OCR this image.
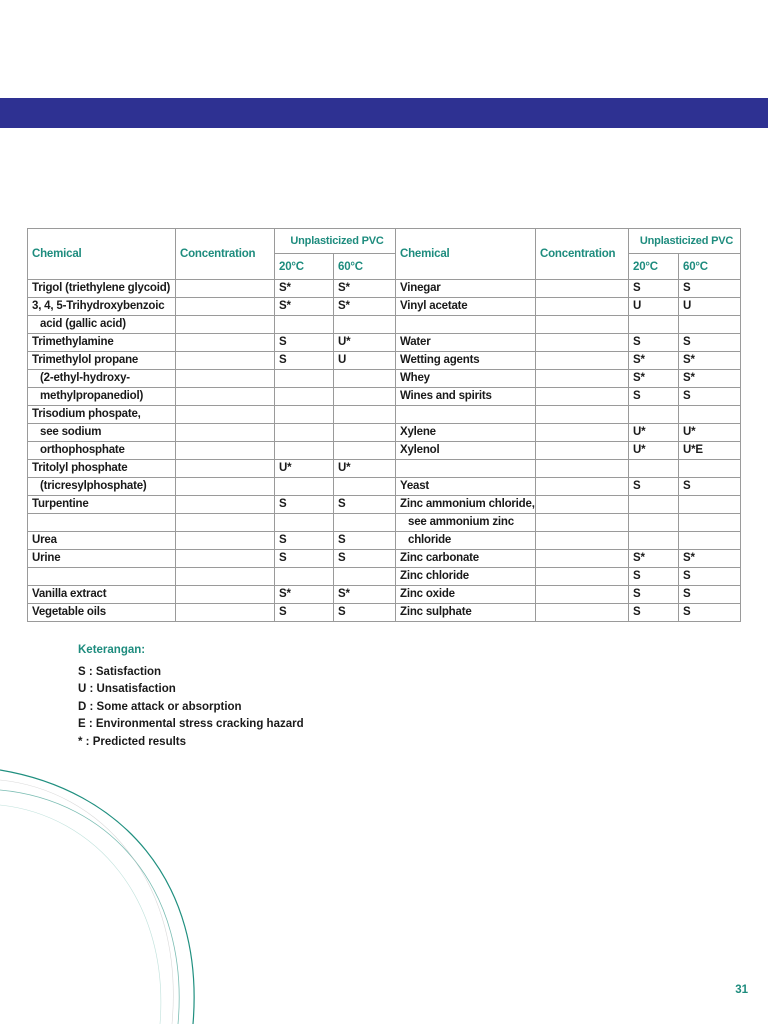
Chemical	Concentration	Unplasticized PVC		Chemical	Concentration	Unplasticized PVC	
		20°C	60°C			20°C	60°C
Trigol (triethylene glycoid)		S*	S*	Vinegar		S	S
3, 4, 5-Trihydroxybenzoic		S*	S*	Vinyl acetate		U	U
acid (gallic acid)							
Trimethylamine		S	U*	Water		S	S
Trimethylol propane		S	U	Wetting agents		S*	S*
(2-ethyl-hydroxy-				Whey		S*	S*
methylpropanediol)				Wines and spirits		S	S
Trisodium phospate,							
see sodium				Xylene		U*	U*
orthophosphate				Xylenol		U*	U*E
Tritolyl phosphate		U*	U*				
(tricresylphosphate)				Yeast		S	S
Turpentine		S	S	Zinc ammonium chloride,			
				see ammonium zinc			
Urea		S	S	chloride			
Urine		S	S	Zinc carbonate		S*	S*
				Zinc chloride		S	S
Vanilla extract		S*	S*	Zinc oxide		S	S
Vegetable oils		S	S	Zinc sulphate		S	S
Keterangan:
S : Satisfaction
U : Unsatisfaction
D : Some attack or absorption
E : Environmental stress cracking hazard
* : Predicted results
31
